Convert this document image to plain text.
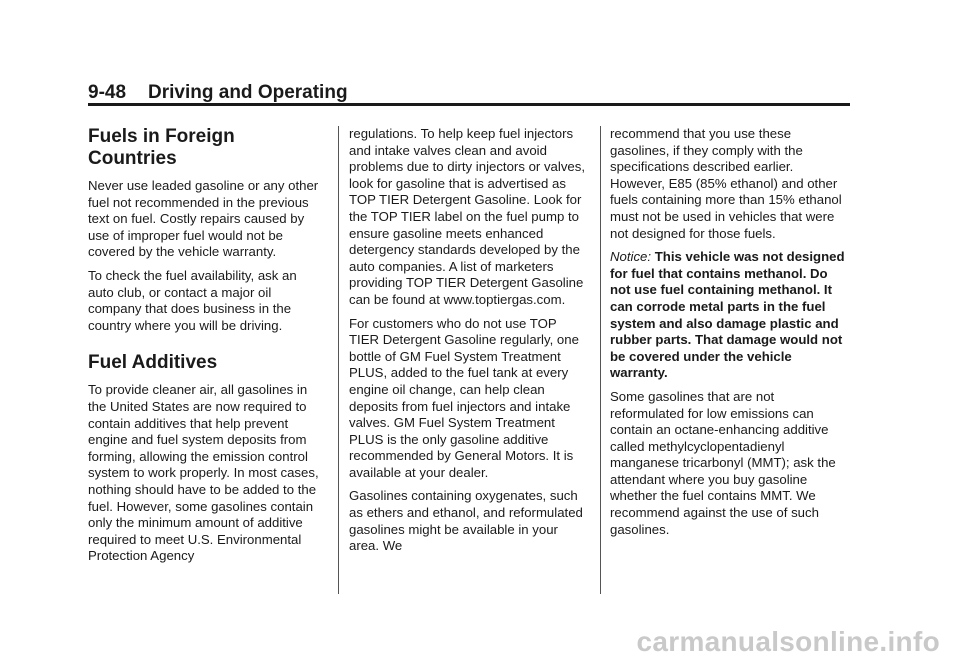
9-48 Driving and Operating
Fuels in Foreign Countries

Never use leaded gasoline or any other fuel not recommended in the previous text on fuel. Costly repairs caused by use of improper fuel would not be covered by the vehicle warranty.

To check the fuel availability, ask an auto club, or contact a major oil company that does business in the country where you will be driving.

Fuel Additives

To provide cleaner air, all gasolines in the United States are now required to contain additives that help prevent engine and fuel system deposits from forming, allowing the emission control system to work properly. In most cases, nothing should have to be added to the fuel. However, some gasolines contain only the minimum amount of additive required to meet U.S. Environmental Protection Agency

regulations. To help keep fuel injectors and intake valves clean and avoid problems due to dirty injectors or valves, look for gasoline that is advertised as TOP TIER Detergent Gasoline. Look for the TOP TIER label on the fuel pump to ensure gasoline meets enhanced detergency standards developed by the auto companies. A list of marketers providing TOP TIER Detergent Gasoline can be found at www.toptiergas.com.

For customers who do not use TOP TIER Detergent Gasoline regularly, one bottle of GM Fuel System Treatment PLUS, added to the fuel tank at every engine oil change, can help clean deposits from fuel injectors and intake valves. GM Fuel System Treatment PLUS is the only gasoline additive recommended by General Motors. It is available at your dealer.

Gasolines containing oxygenates, such as ethers and ethanol, and reformulated gasolines might be available in your area. We

recommend that you use these gasolines, if they comply with the specifications described earlier. However, E85 (85% ethanol) and other fuels containing more than 15% ethanol must not be used in vehicles that were not designed for those fuels.

Notice: This vehicle was not designed for fuel that contains methanol. Do not use fuel containing methanol. It can corrode metal parts in the fuel system and also damage plastic and rubber parts. That damage would not be covered under the vehicle warranty.

Some gasolines that are not reformulated for low emissions can contain an octane-enhancing additive called methylcyclopentadienyl manganese tricarbonyl (MMT); ask the attendant where you buy gasoline whether the fuel contains MMT. We recommend against the use of such gasolines.

carmanualsonline.info
